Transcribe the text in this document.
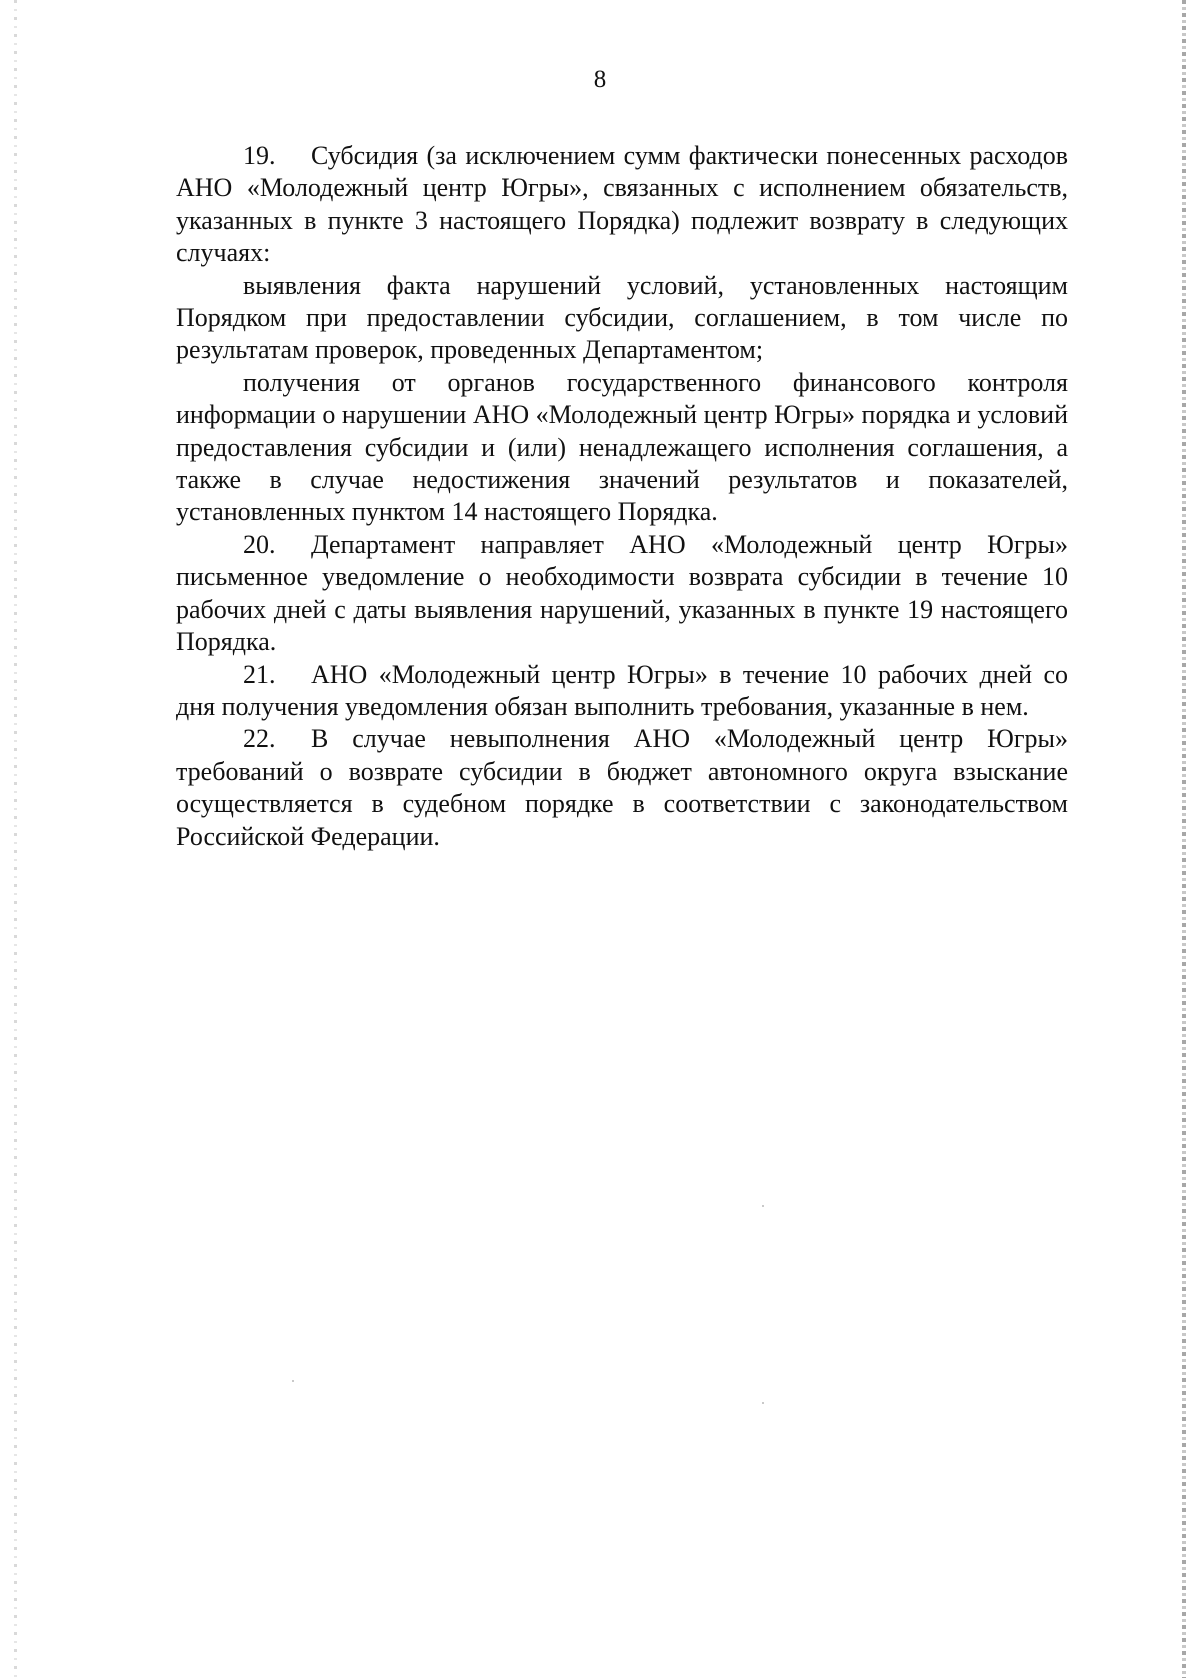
8

19. Субсидия (за исключением сумм фактически понесенных расходов АНО «Молодежный центр Югры», связанных с исполнением обязательств, указанных в пункте 3 настоящего Порядка) подлежит возврату в следующих случаях:

выявления факта нарушений условий, установленных настоящим Порядком при предоставлении субсидии, соглашением, в том числе по результатам проверок, проведенных Департаментом;

получения от органов государственного финансового контроля информации о нарушении АНО «Молодежный центр Югры» порядка и условий предоставления субсидии и (или) ненадлежащего исполнения соглашения, а также в случае недостижения значений результатов и показателей, установленных пунктом 14 настоящего Порядка.

20. Департамент направляет АНО «Молодежный центр Югры» письменное уведомление о необходимости возврата субсидии в течение 10 рабочих дней с даты выявления нарушений, указанных в пункте 19 настоящего Порядка.

21. АНО «Молодежный центр Югры» в течение 10 рабочих дней со дня получения уведомления обязан выполнить требования, указанные в нем.

22. В случае невыполнения АНО «Молодежный центр Югры» требований о возврате субсидии в бюджет автономного округа взыскание осуществляется в судебном порядке в соответствии с законодательством Российской Федерации.
